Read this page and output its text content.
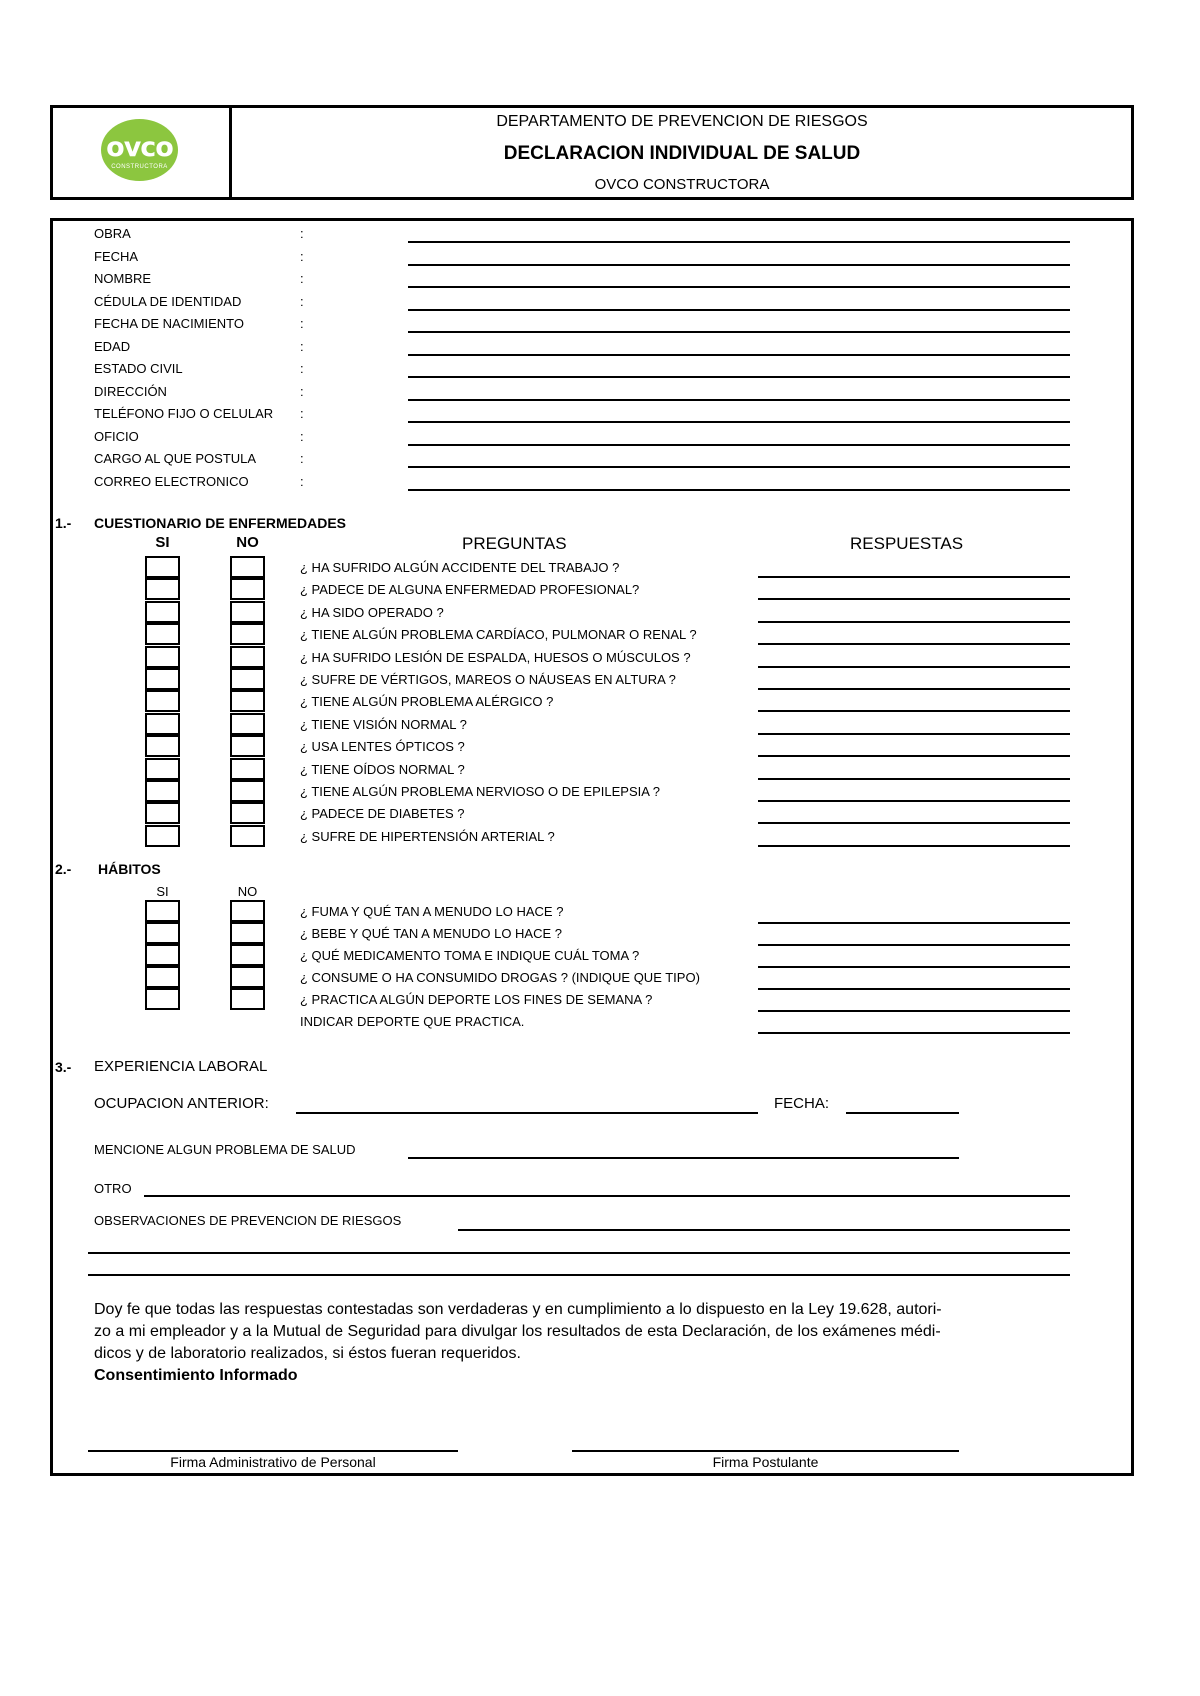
ovco
CONSTRUCTORA
DEPARTAMENTO DE PREVENCION DE RIESGOS
DECLARACION INDIVIDUAL DE SALUD
OVCO CONSTRUCTORA
OBRA	:
FECHA	:
NOMBRE	:
CÉDULA DE IDENTIDAD	:
FECHA DE NACIMIENTO	:
EDAD	:
ESTADO CIVIL	:
DIRECCIÓN	:
TELÉFONO FIJO O CELULAR :
OFICIO	:
CARGO AL QUE POSTULA	:
CORREO ELECTRONICO	:
1.- CUESTIONARIO DE ENFERMEDADES
SI	NO	PREGUNTAS	RESPUESTAS
¿ HA SUFRIDO ALGÚN ACCIDENTE DEL TRABAJO ?
¿ PADECE DE ALGUNA ENFERMEDAD PROFESIONAL?
¿ HA SIDO OPERADO ?
¿ TIENE ALGÚN PROBLEMA CARDÍACO, PULMONAR O RENAL ?
¿ HA SUFRIDO LESIÓN DE ESPALDA, HUESOS O MÚSCULOS ?
¿ SUFRE DE VÉRTIGOS, MAREOS O NÁUSEAS EN ALTURA ?
¿ TIENE ALGÚN PROBLEMA ALÉRGICO ?
¿ TIENE VISIÓN NORMAL ?
¿ USA LENTES ÓPTICOS ?
¿ TIENE OÍDOS NORMAL ?
¿ TIENE ALGÚN PROBLEMA NERVIOSO O DE EPILEPSIA ?
¿ PADECE DE DIABETES ?
¿ SUFRE DE HIPERTENSIÓN ARTERIAL ?
2.- HÁBITOS
SI	NO
¿ FUMA Y QUÉ TAN A MENUDO LO HACE ?
¿ BEBE Y QUÉ TAN A MENUDO LO HACE ?
¿ QUÉ MEDICAMENTO TOMA E INDIQUE CUÁL TOMA ?
¿ CONSUME O HA CONSUMIDO DROGAS ? (INDIQUE QUE TIPO)
¿ PRACTICA ALGÚN DEPORTE LOS FINES DE SEMANA ?
INDICAR DEPORTE QUE PRACTICA.
3.- EXPERIENCIA LABORAL
OCUPACION ANTERIOR:	FECHA:
MENCIONE ALGUN PROBLEMA DE SALUD
OTRO
OBSERVACIONES DE PREVENCION DE RIESGOS
Doy fe que todas las respuestas contestadas son verdaderas y en cumplimiento a lo dispuesto en la Ley 19.628, autori-
zo a mi empleador y a la Mutual de Seguridad para divulgar los resultados de esta Declaración, de los exámenes médi-
dicos y de laboratorio realizados, si éstos fueran requeridos.
Consentimiento Informado
Firma Administrativo de Personal	Firma Postulante
